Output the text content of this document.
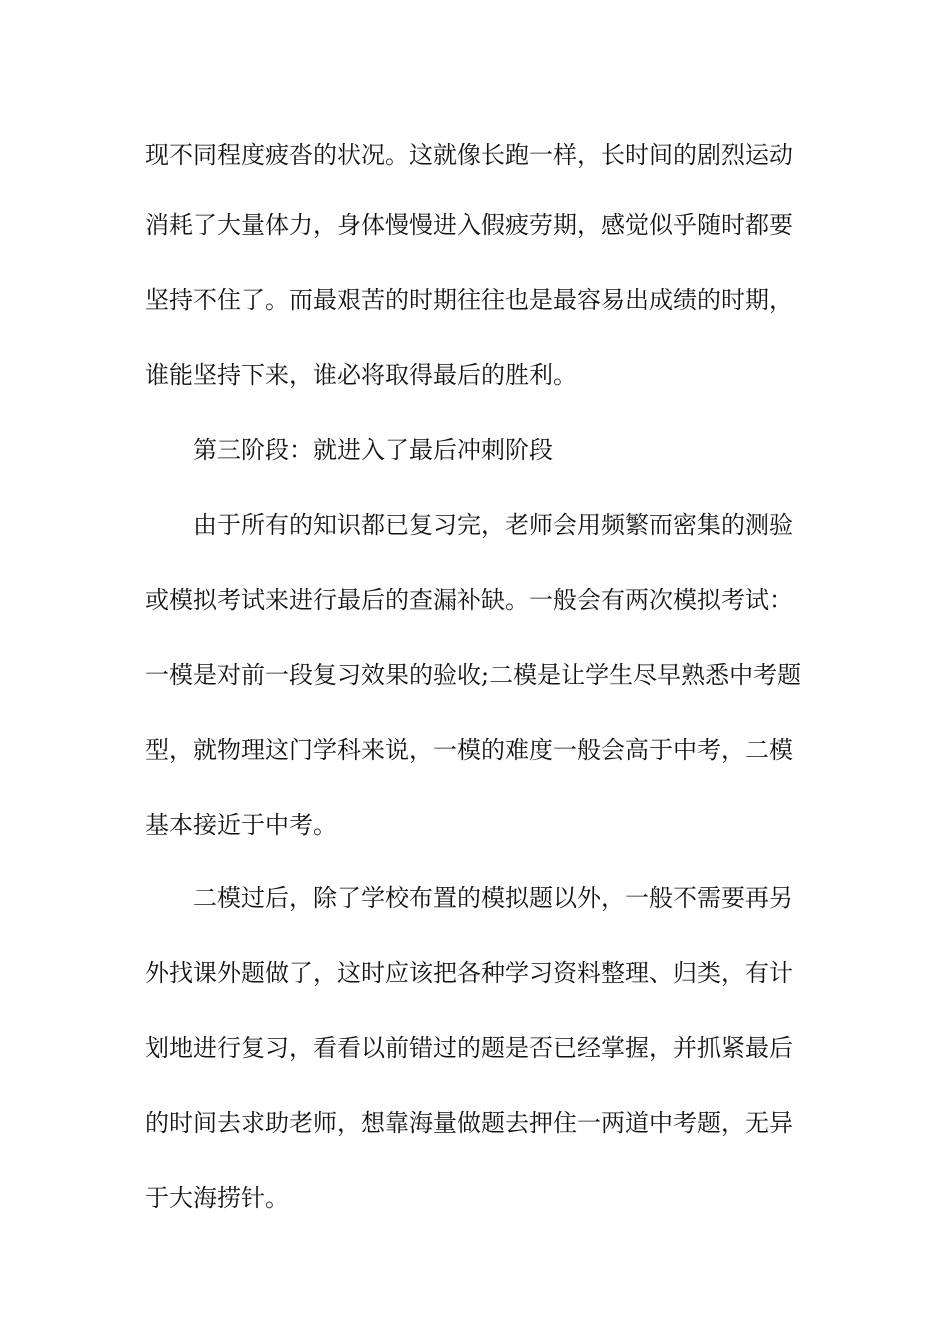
现不同程度疲沓的状况。这就像长跑一样，长时间的剧烈运动
消耗了大量体力，身体慢慢进入假疲劳期，感觉似乎随时都要
坚持不住了。而最艰苦的时期往往也是最容易出成绩的时期，
谁能坚持下来，谁必将取得最后的胜利。
第三阶段：就进入了最后冲刺阶段
由于所有的知识都已复习完，老师会用频繁而密集的测验
或模拟考试来进行最后的查漏补缺。一般会有两次模拟考试：
一模是对前一段复习效果的验收;二模是让学生尽早熟悉中考题
型，就物理这门学科来说，一模的难度一般会高于中考，二模
基本接近于中考。
二模过后，除了学校布置的模拟题以外，一般不需要再另
外找课外题做了，这时应该把各种学习资料整理、归类，有计
划地进行复习，看看以前错过的题是否已经掌握，并抓紧最后
的时间去求助老师，想靠海量做题去押住一两道中考题，无异
于大海捞针。
